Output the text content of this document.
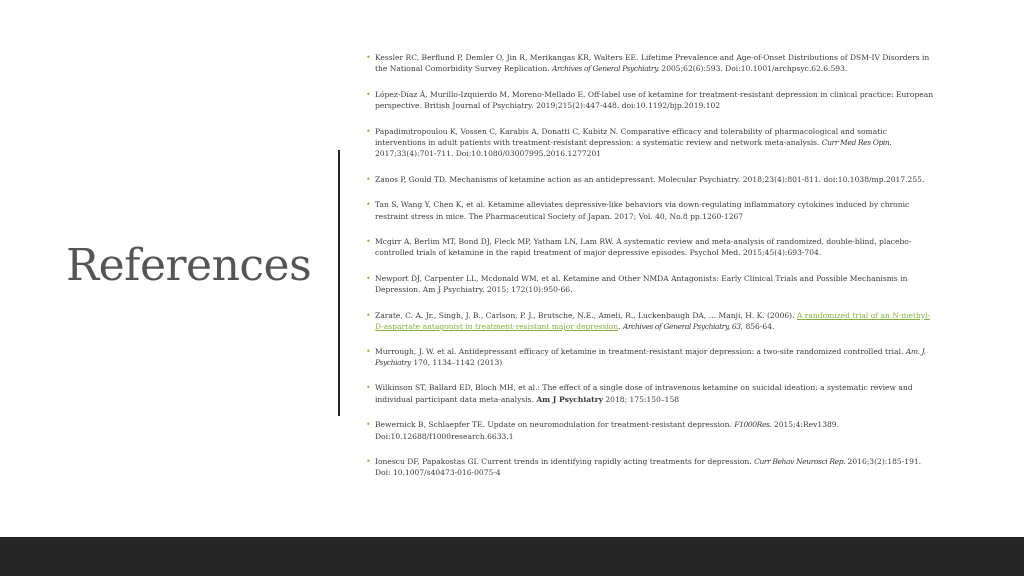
References
• Kessler RC, Berflund P, Demler O, Jin R, Merikangas KR, Walters EE. Lifetime Prevalence and Age-of-Onset Distributions of DSM-IV Disorders in the National Comorbidity Survey Replication. Archives of General Psychiatry. 2005;62(6):593. Doi:10.1001/archpsyc.62.6.593.
• López-Díaz Á, Murillo-Izquierdo M, Moreno-Mellado E. Off-label use of ketamine for treatment-resistant depression in clinical practice: European perspective. British Journal of Psychiatry. 2019;215(2):447-448. doi:10.1192/bjp.2019.102
• Papadimitropoulou K, Vossen C, Karabis A, Donatti C, Kubitz N. Comparative efficacy and tolerability of pharmacological and somatic interventions in adult patients with treatment-resistant depression: a systematic review and network meta-analysis. Curr Med Res Opin. 2017;33(4):701-711. Doi:10.1080/03007995.2016.1277201
• Zanos P, Gould TD. Mechanisms of ketamine action as an antidepressant. Molecular Psychiatry. 2018;23(4):801-811. doi:10.1038/mp.2017.255.
• Tan S, Wang Y, Chen K, et al. Ketamine alleviates depressive-like behaviors via down-regulating inflammatory cytokines induced by chronic restraint stress in mice. The Pharmaceutical Society of Japan. 2017; Vol. 40, No.8 pp.1260-1267
• Mcgirr A, Berlim MT, Bond DJ, Fleck MP, Yatham LN, Lam RW. A systematic review and meta-analysis of randomized, double-blind, placebo-controlled trials of ketamine in the rapid treatment of major depressive episodes. Psychol Med. 2015;45(4):693-704.
• Newport DJ, Carpenter LL, Mcdonald WM, et al. Ketamine and Other NMDA Antagonists: Early Clinical Trials and Possible Mechanisms in Depression. Am J Psychiatry. 2015; 172(10):950-66.
• Zarate, C. A. Jr., Singh, J. B., Carlson, P. J., Brutsche, N.E., Ameli, R., Luckenbaugh DA, … Manji, H. K. (2006). A randomized trial of an N-methyl-D-aspartate antagonist in treatment-resistant major depression. Archives of General Psychiatry, 63, 856-64.
• Murrough, J. W. et al. Antidepressant efficacy of ketamine in treatment-resistant major depression: a two-site randomized controlled trial. Am. J. Psychiatry 170, 1134–1142 (2013)
• Wilkinson ST, Ballard ED, Bloch MH, et al.: The effect of a single dose of intravenous ketamine on suicidal ideation: a systematic review and individual participant data meta-analysis. Am J Psychiatry 2018; 175:150–158
• Bewernick B, Schlaepfer TE. Update on neuromodulation for treatment-resistant depression. F1000Res. 2015;4:Rev1389. Doi:10.12688/f1000research.6633.1
• Ionescu DF, Papakostas GI. Current trends in identifying rapidly acting treatments for depression. Curr Behav Neurosci Rep. 2016;3(2):185-191. Doi: 10.1007/s40473-016-0075-4
